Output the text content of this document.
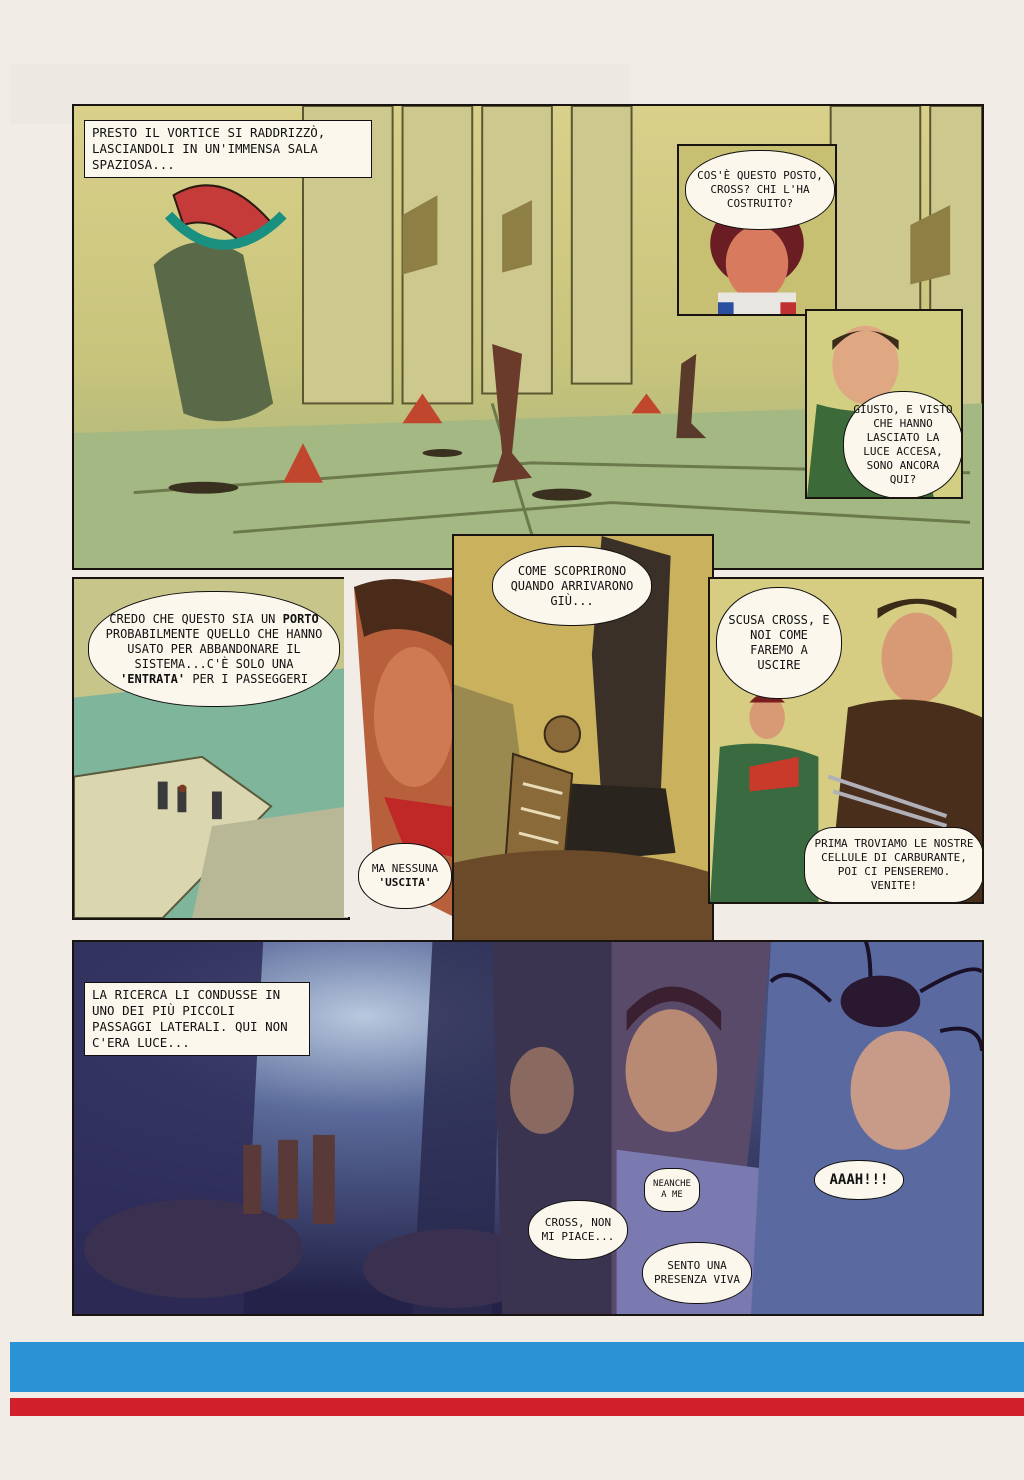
PRESTO IL VORTICE SI RADDRIZZÒ, LASCIANDOLI IN UN'IMMENSA SALA SPAZIOSA...
COS'È QUESTO POSTO, CROSS? CHI L'HA COSTRUITO?
GIUSTO, E VISTO CHE HANNO LASCIATO LA LUCE ACCESA, SONO ANCORA QUI?
CREDO CHE QUESTO SIA UN PORTO PROBABILMENTE QUELLO CHE HANNO USATO PER ABBANDONARE IL SISTEMA...C'È SOLO UNA 'ENTRATA' PER I PASSEGGERI
MA NESSUNA 'USCITA'
COME SCOPRIRONO QUANDO ARRIVARONO GIÙ...
SCUSA CROSS, E NOI COME FAREMO A USCIRE
PRIMA TROVIAMO LE NOSTRE CELLULE DI CARBURANTE, POI CI PENSEREMO. VENITE!
LA RICERCA LI CONDUSSE IN UNO DEI PIÙ PICCOLI PASSAGGI LATERALI. QUI NON C'ERA LUCE...
CROSS, NON MI PIACE...
NEANCHE A ME
SENTO UNA PRESENZA VIVA
AAAH!!!
